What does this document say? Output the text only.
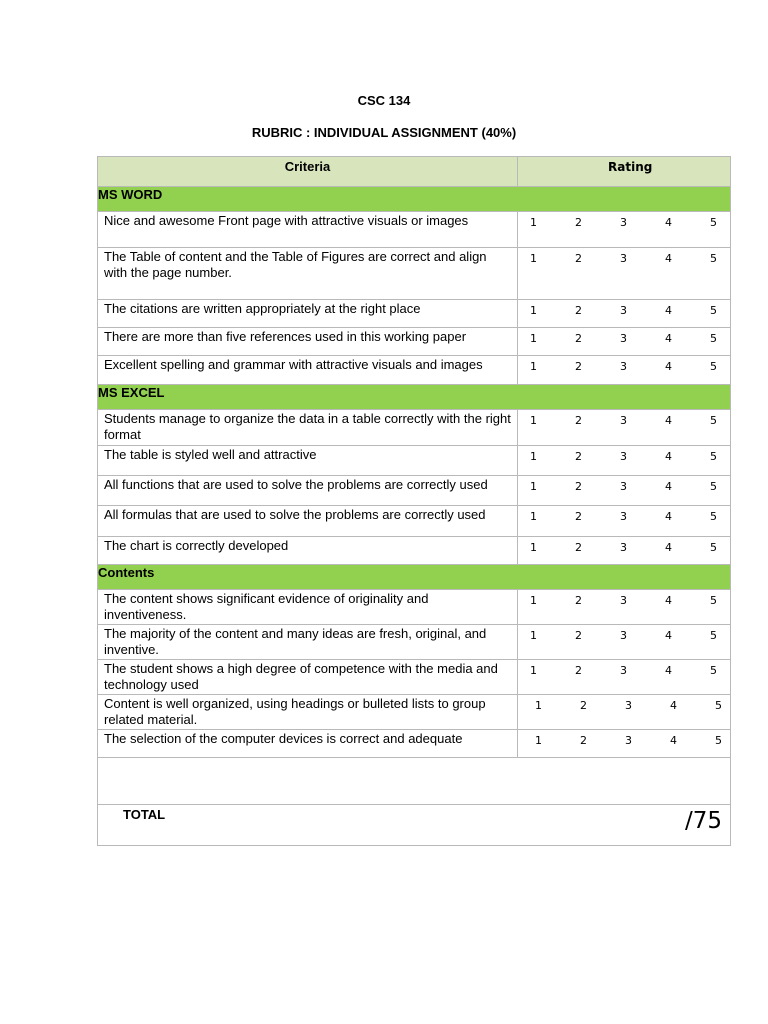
CSC 134
RUBRIC : INDIVIDUAL ASSIGNMENT (40%)
Criteria	Rating
MS WORD	
Nice and awesome Front page with attractive visuals or images	1 2 3 4 5

The Table of content and the Table of Figures are correct and align with the page number.	1 2 3 4 5

The citations are written appropriately at the right place	1 2 3 4 5

There are more than five references used in this working paper	1 2 3 4 5

Excellent spelling and grammar with attractive visuals and images	1 2 3 4 5

MS EXCEL	
Students manage to organize the data in a table correctly with the right format	1 2 3 4 5

The table is styled well and attractive	1 2 3 4 5

All functions that are used to solve the problems are correctly used	1 2 3 4 5

All formulas that are used to solve the problems are correctly used	1 2 3 4 5

The chart is correctly developed	1 2 3 4 5

Contents	
The content shows significant evidence of originality and inventiveness.	1 2 3 4 5

The majority of the content and many ideas are fresh, original, and inventive.	1 2 3 4 5

The student shows a high degree of competence with the media and technology used	1 2 3 4 5

Content is well organized, using headings or bulleted lists to group related material.	1 2 3 4 5

The selection of the computer devices is correct and adequate	1 2 3 4 5

TOTAL	/75
